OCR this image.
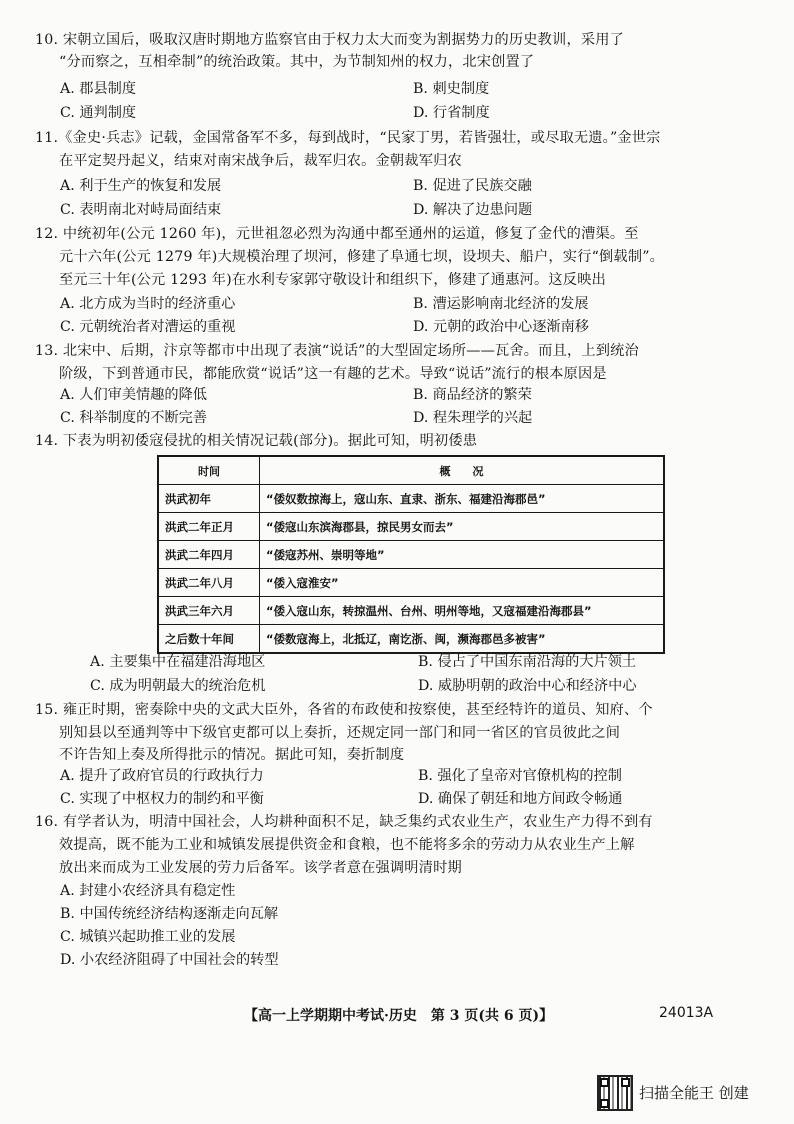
10. 宋朝立国后，吸取汉唐时期地方监察官由于权力太大而变为割据势力的历史教训，采用了
“分而察之，互相牵制”的统治政策。其中，为节制知州的权力，北宋创置了
A. 郡县制度	B. 刺史制度
C. 通判制度	D. 行省制度
11.《金史·兵志》记载，金国常备军不多，每到战时，“民家丁男，若皆强壮，或尽取无遗。”金世宗
在平定契丹起义，结束对南宋战争后，裁军归农。金朝裁军归农
A. 利于生产的恢复和发展	B. 促进了民族交融
C. 表明南北对峙局面结束	D. 解决了边患问题
12. 中统初年(公元 1260 年)，元世祖忽必烈为沟通中都至通州的运道，修复了金代的漕渠。至
元十六年(公元 1279 年)大规模治理了坝河，修建了阜通七坝，设坝夫、船户，实行“倒载制”。
至元三十年(公元 1293 年)在水利专家郭守敬设计和组织下，修建了通惠河。这反映出
A. 北方成为当时的经济重心	B. 漕运影响南北经济的发展
C. 元朝统治者对漕运的重视	D. 元朝的政治中心逐渐南移
13. 北宋中、后期，汴京等都市中出现了表演“说话”的大型固定场所——瓦舍。而且，上到统治
阶级，下到普通市民，都能欣赏“说话”这一有趣的艺术。导致“说话”流行的根本原因是
A. 人们审美情趣的降低	B. 商品经济的繁荣
C. 科举制度的不断完善	D. 程朱理学的兴起
14. 下表为明初倭寇侵扰的相关情况记载(部分)。据此可知，明初倭患
时间	概　　况
洪武初年	“倭奴数掠海上，寇山东、直隶、浙东、福建沿海郡邑”
洪武二年正月	“倭寇山东滨海郡县，掠民男女而去”
洪武二年四月	“倭寇苏州、崇明等地”
洪武二年八月	“倭入寇淮安”
洪武三年六月	“倭入寇山东，转掠温州、台州、明州等地，又寇福建沿海郡县”
之后数十年间	“倭数寇海上，北抵辽，南讫浙、闽，濒海郡邑多被害”
A. 主要集中在福建沿海地区	B. 侵占了中国东南沿海的大片领土
C. 成为明朝最大的统治危机	D. 威胁明朝的政治中心和经济中心
15. 雍正时期，密奏除中央的文武大臣外，各省的布政使和按察使，甚至经特许的道员、知府、个
别知县以至通判等中下级官吏都可以上奏折，还规定同一部门和同一省区的官员彼此之间
不许告知上奏及所得批示的情况。据此可知，奏折制度
A. 提升了政府官员的行政执行力	B. 强化了皇帝对官僚机构的控制
C. 实现了中枢权力的制约和平衡	D. 确保了朝廷和地方间政令畅通
16. 有学者认为，明清中国社会，人均耕种面积不足，缺乏集约式农业生产，农业生产力得不到有
效提高，既不能为工业和城镇发展提供资金和食粮，也不能将多余的劳动力从农业生产上解
放出来而成为工业发展的劳力后备军。该学者意在强调明清时期
A. 封建小农经济具有稳定性
B. 中国传统经济结构逐渐走向瓦解
C. 城镇兴起助推工业的发展
D. 小农经济阻碍了中国社会的转型
【高一上学期期中考试·历史　第 3 页(共 6 页)】	24013A
扫描全能王 创建
